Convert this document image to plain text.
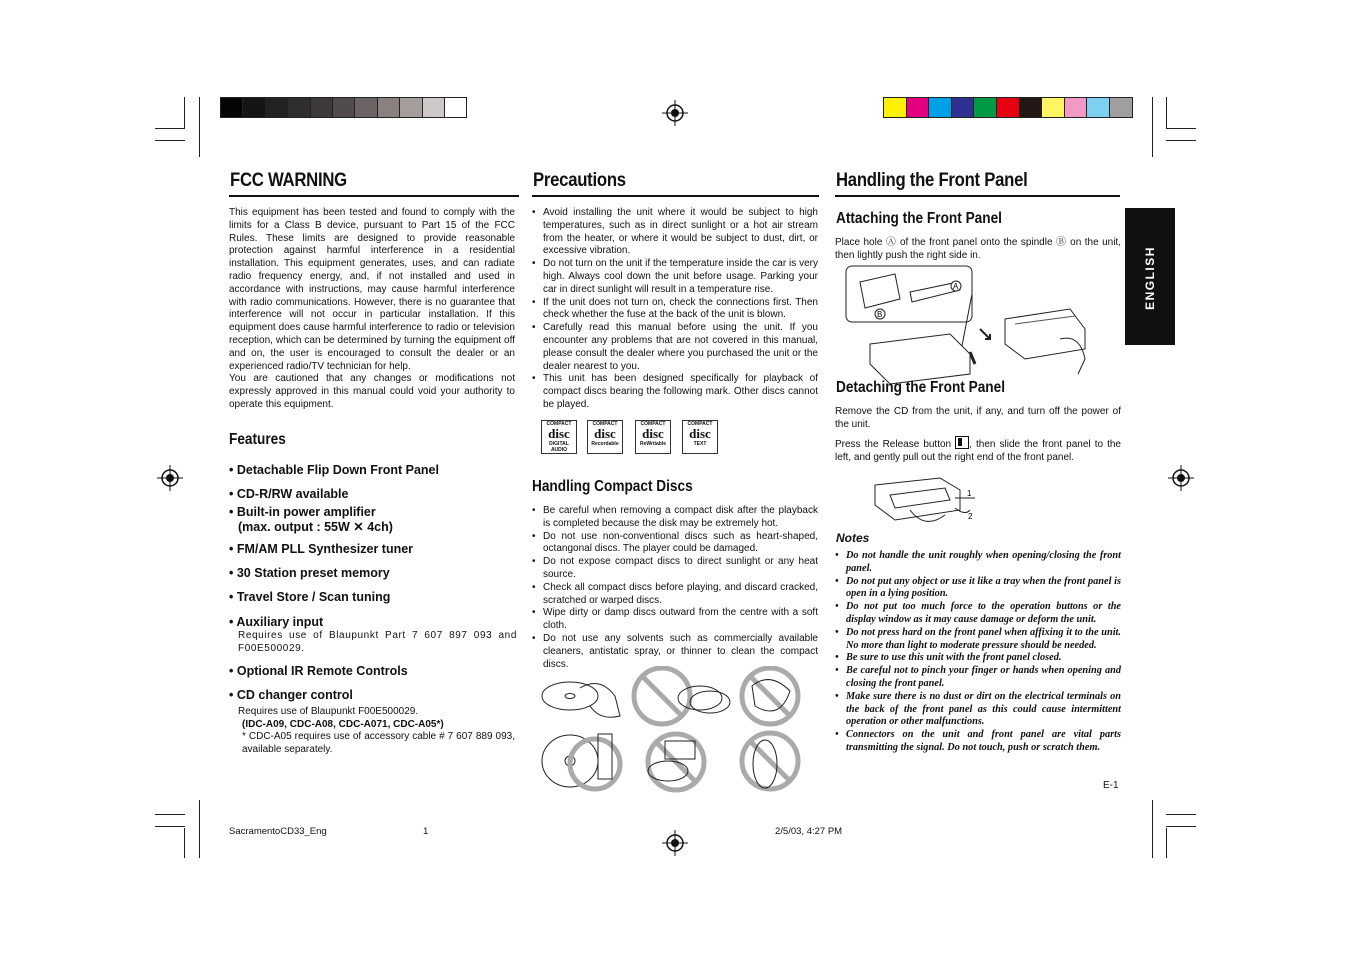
FCC WARNING	Precautions	Handling the Front Panel
This equipment has been tested and found to comply with the limits for a Class B device, pursuant to Part 15 of the FCC Rules. These limits are designed to provide reasonable protection against harmful interference in a residential installation. This equipment generates, uses, and can radiate radio frequency energy, and, if not installed and used in accordance with instructions, may cause harmful interference with radio communications. However, there is no guarantee that interference will not occur in particular installation. If this equipment does cause harmful interference to radio or television reception, which can be determined by turning the equipment off and on, the user is encouraged to consult the dealer or an experienced radio/TV technician for help.
You are cautioned that any changes or modifications not expressly approved in this manual could void your authority to operate this equipment.
Features
• Detachable Flip Down Front Panel
• CD-R/RW available
• Built-in power amplifier
(max. output : 55W ✕ 4ch)
• FM/AM PLL Synthesizer tuner
• 30 Station preset memory
• Travel Store / Scan tuning
• Auxiliary input
Requires use of Blaupunkt Part 7 607 897 093 and F00E500029.
• Optional IR Remote Controls
• CD changer control
Requires use of Blaupunkt F00E500029.
(IDC-A09, CDC-A08, CDC-A071, CDC-A05*)
* CDC-A05 requires use of accessory cable # 7 607 889 093, available separately.
• Avoid installing the unit where it would be subject to high temperatures, such as in direct sunlight or a hot air stream from the heater, or where it would be subject to dust, dirt, or excessive vibration.
• Do not turn on the unit if the temperature inside the car is very high. Always cool down the unit before usage. Parking your car in direct sunlight will result in a temperature rise.
• If the unit does not turn on, check the connections first. Then check whether the fuse at the back of the unit is blown.
• Carefully read this manual before using the unit. If you encounter any problems that are not covered in this manual, please consult the dealer where you purchased the unit or the dealer nearest to you.
• This unit has been designed specifically for playback of compact discs bearing the following mark. Other discs cannot be played.
COMPACT
disc
DIGITAL AUDIO
COMPACT
disc
Recordable
COMPACT
disc
ReWritable
COMPACT
disc
TEXT
Handling Compact Discs
• Be careful when removing a compact disk after the playback is completed because the disk may be extremely hot.
• Do not use non-conventional discs such as heart-shaped, octangonal discs. The player could be damaged.
• Do not expose compact discs to direct sunlight or any heat source.
• Check all compact discs before playing, and discard cracked, scratched or warped discs.
• Wipe dirty or damp discs outward from the centre with a soft cloth.
• Do not use any solvents such as commercially available cleaners, antistatic spray, or thinner to clean the compact discs.
Attaching the Front Panel
Place hole Ⓐ of the front panel onto the spindle Ⓑ on the unit, then lightly push the right side in.
A
B
Detaching the Front Panel
Remove the CD from the unit, if any, and turn off the power of the unit.
Press the Release button , then slide the front panel to the left, and gently pull out the right end of the front panel.
1
2
Notes
• Do not handle the unit roughly when opening/closing the front panel.
• Do not put any object or use it like a tray when the front panel is open in a lying position.
• Do not put too much force to the operation buttons or the display window as it may cause damage or deform the unit.
• Do not press hard on the front panel when affixing it to the unit. No more than light to moderate pressure should be needed.
• Be sure to use this unit with the front panel closed.
• Be careful not to pinch your finger or hands when opening and closing the front panel.
• Make sure there is no dust or dirt on the electrical terminals on the back of the front panel as this could cause intermittent operation or other malfunctions.
• Connectors on the unit and front panel are vital parts transmitting the signal. Do not touch, push or scratch them.
ENGLISH
E-1
SacramentoCD33_Eng	1	2/5/03, 4:27 PM
